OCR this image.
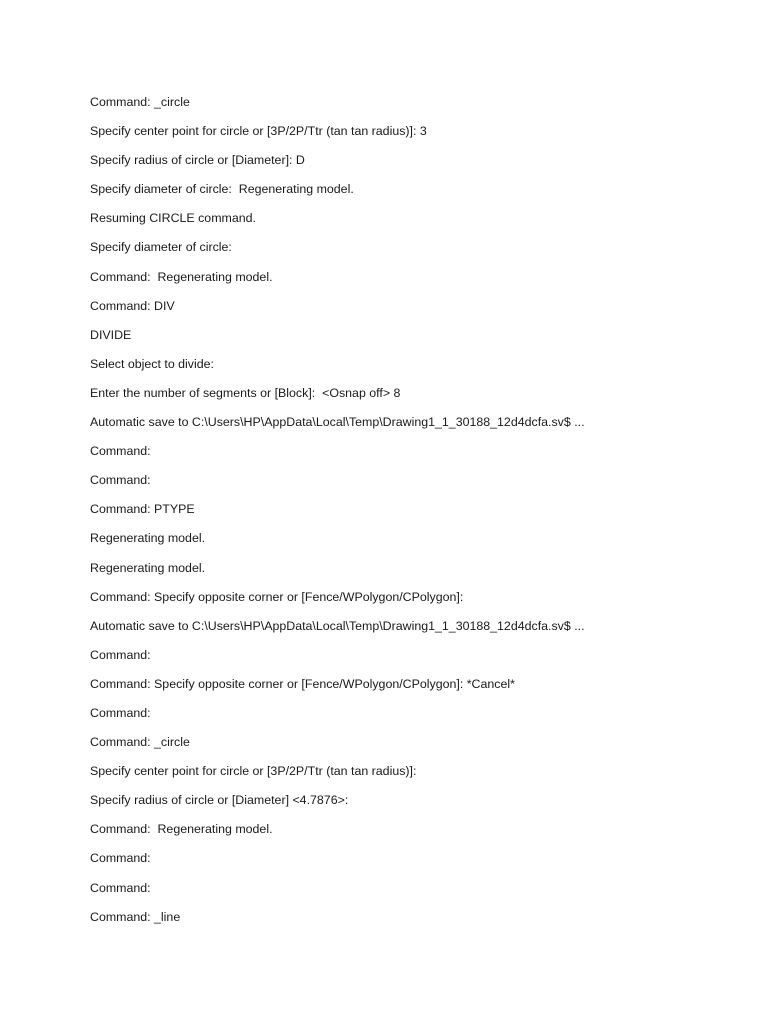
Command: _circle
Specify center point for circle or [3P/2P/Ttr (tan tan radius)]: 3
Specify radius of circle or [Diameter]: D
Specify diameter of circle:  Regenerating model.
Resuming CIRCLE command.
Specify diameter of circle:
Command:  Regenerating model.
Command: DIV
DIVIDE
Select object to divide:
Enter the number of segments or [Block]:  <Osnap off> 8
Automatic save to C:\Users\HP\AppData\Local\Temp\Drawing1_1_30188_12d4dcfa.sv$ ...
Command:
Command:
Command: PTYPE
Regenerating model.
Regenerating model.
Command: Specify opposite corner or [Fence/WPolygon/CPolygon]:
Automatic save to C:\Users\HP\AppData\Local\Temp\Drawing1_1_30188_12d4dcfa.sv$ ...
Command:
Command: Specify opposite corner or [Fence/WPolygon/CPolygon]: *Cancel*
Command:
Command: _circle
Specify center point for circle or [3P/2P/Ttr (tan tan radius)]:
Specify radius of circle or [Diameter] <4.7876>:
Command:  Regenerating model.
Command:
Command:
Command: _line
